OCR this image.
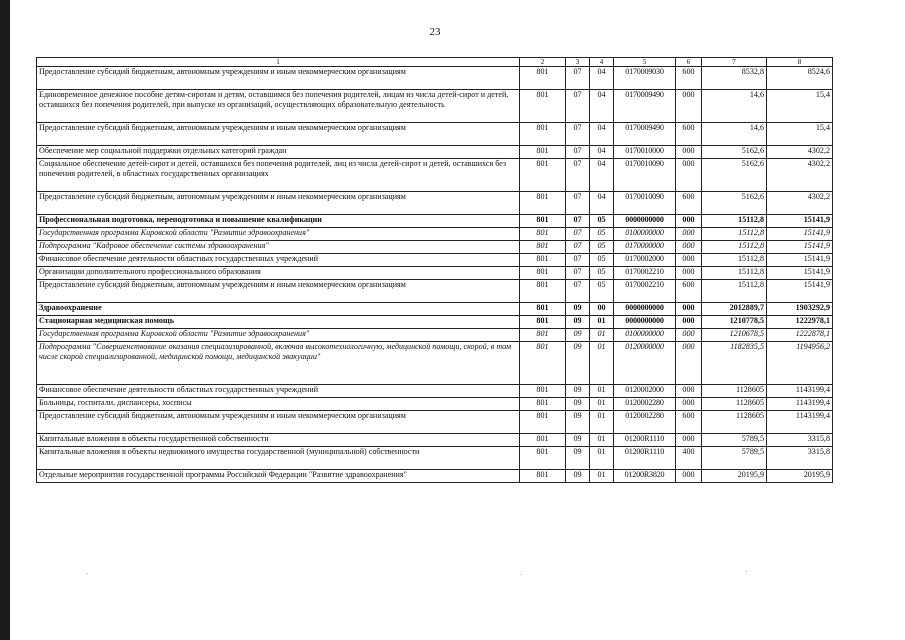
23
1	2	3	4	5	6	7	8
Предоставление субсидий бюджетным, автономным учреждениям и иным некоммерческим организациям	801	07	04	0170009030	600	8532,8	8524,6
Единовременное денежное пособие детям-сиротам и детям, оставшимся без попечения родителей, лицам из числа детей-сирот и детей, оставшихся без попечения родителей, при выпуске из организаций, осуществляющих образовательную деятельность	801	07	04	0170009490	000	14,6	15,4
Предоставление субсидий бюджетным, автономным учреждениям и иным некоммерческим организациям	801	07	04	0170009490	600	14,6	15,4
Обеспечение мер социальной поддержки отдельных категорий граждан	801	07	04	0170010000	000	5162,6	4302,2
Социальное обеспечение детей-сирот и детей, оставшихся без попечения родителей, лиц из числа детей-сирот и детей, оставшихся без попечения родителей, в областных государственных организациях	801	07	04	0170010090	000	5162,6	4302,2
Предоставление субсидий бюджетным, автономным учреждениям и иным некоммерческим организациям	801	07	04	0170010090	600	5162,6	4302,2
Профессиональная подготовка, переподготовка и повышение квалификации	801	07	05	0000000000	000	15112,8	15141,9
Государственная программа Кировской области "Развитие здравоохранения"	801	07	05	0100000000	000	15112,8	15141,9
Подпрограмма "Кадровое обеспечение системы здравоохранения"	801	07	05	0170000000	000	15112,8	15141,9
Финансовое обеспечение деятельности областных государственных учреждений	801	07	05	0170002000	000	15112,8	15141,9
Организации дополнительного профессионального образования	801	07	05	0170002210	000	15112,8	15141,9
Предоставление субсидий бюджетным, автономным учреждениям и иным некоммерческим организациям	801	07	05	0170002210	600	15112,8	15141,9
Здравоохранение	801	09	00	0000000000	000	2012889,7	1903292,9
Стационарная медицинская помощь	801	09	01	0000000000	000	1210778,5	1222978,1
Государственная программа Кировской области "Развитие здравоохранения"	801	09	01	0100000000	000	1210678,5	1222878,1
Подпрограмма "Совершенствование оказания специализированной, включая высокотехнологичную, медицинской помощи, скорой, в том числе скорой специализированной, медицинской помощи, медицинской эвакуации"	801	09	01	0120000000	000	1182835,5	1194956,2
Финансовое обеспечение деятельности областных государственных учреждений	801	09	01	0120002000	000	1128605	1143199,4
Больницы, госпитали, диспансеры, хосписы	801	09	01	0120002280	000	1128605	1143199,4
Предоставление субсидий бюджетным, автономным учреждениям и иным некоммерческим организациям	801	09	01	0120002280	600	1128605	1143199,4
Капитальные вложения в объекты государственной собственности	801	09	01	01200R1110	000	5789,5	3315,8
Капитальные вложения в объекты недвижимого имущества государственной (муниципальной) собственности	801	09	01	01200R1110	400	5789,5	3315,8
Отдельные мероприятия государственной программы Российской Федерации "Развитие здравоохранения"	801	09	01	01200R3820	000	20195,9	20195,9
·	·	·
